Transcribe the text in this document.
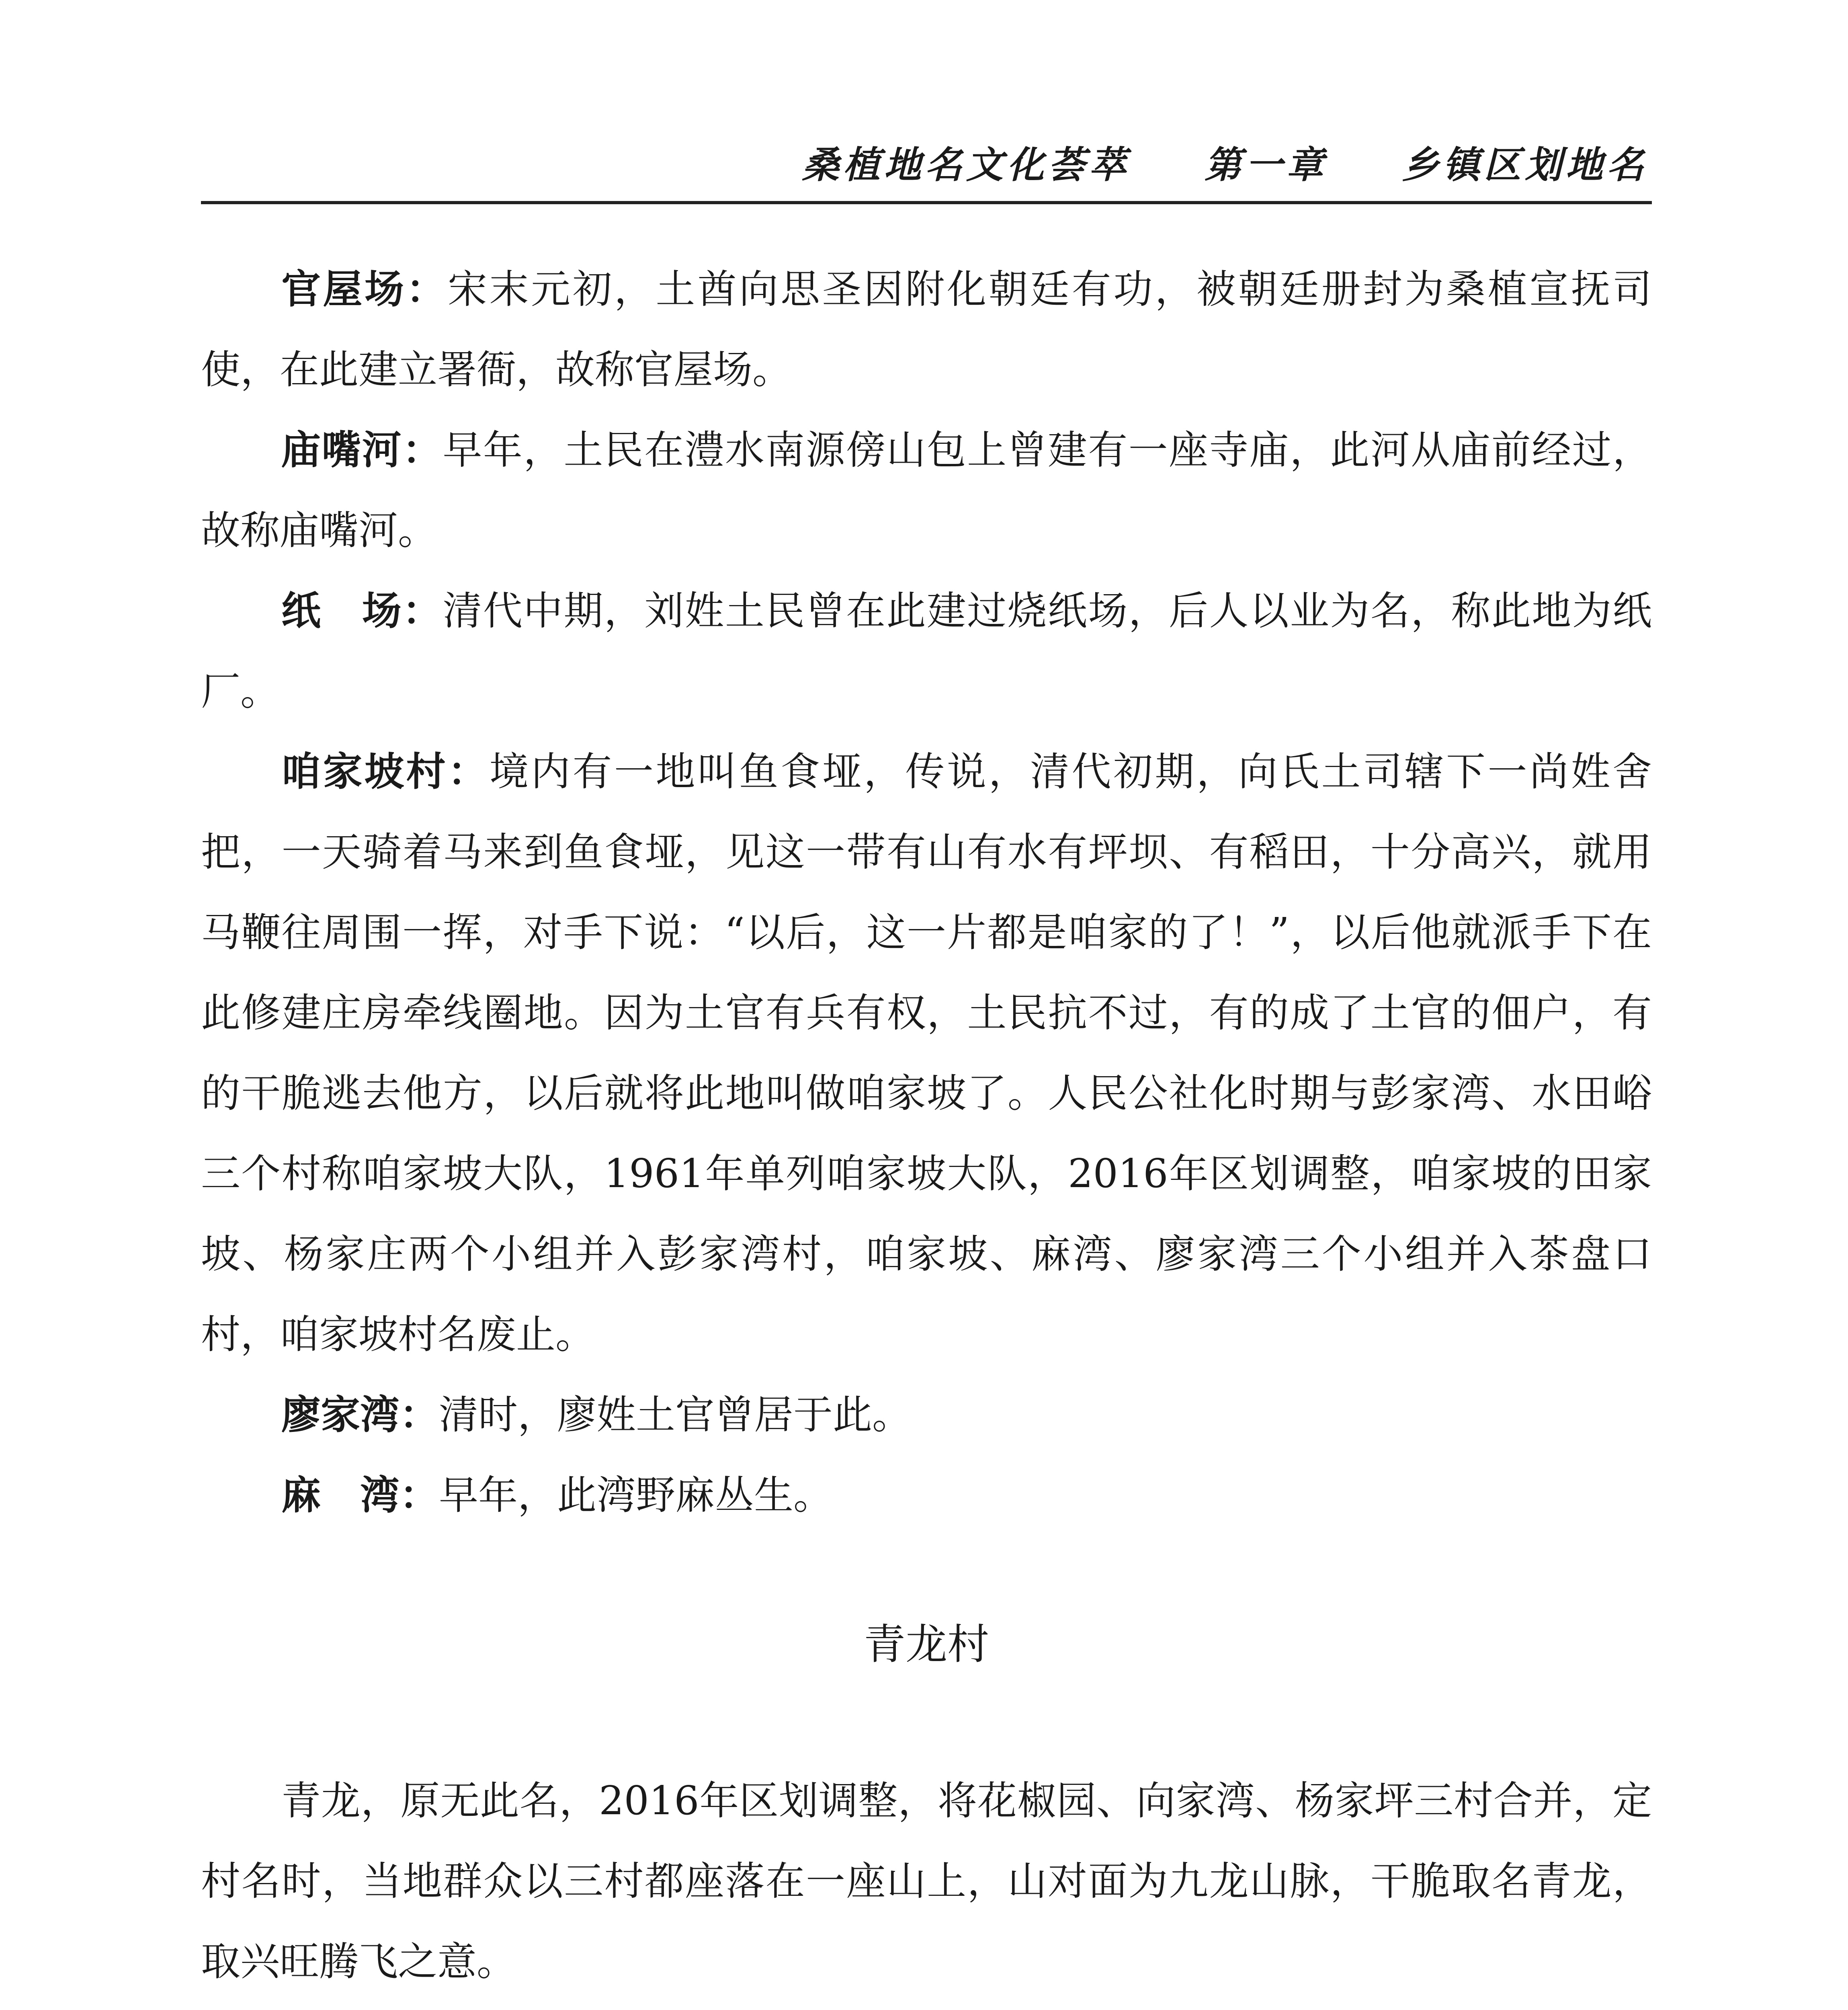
桑植地名文化荟萃 第一章 乡镇区划地名

官屋场：宋末元初，土酋向思圣因附化朝廷有功，被朝廷册封为桑植宣抚司使，在此建立署衙，故称官屋场。

庙嘴河：早年，土民在澧水南源傍山包上曾建有一座寺庙，此河从庙前经过，故称庙嘴河。

纸　场：清代中期，刘姓土民曾在此建过烧纸场，后人以业为名，称此地为纸厂。

咱家坡村：境内有一地叫鱼食垭，传说，清代初期，向氏土司辖下一尚姓舍把，一天骑着马来到鱼食垭，见这一带有山有水有坪坝、有稻田，十分高兴，就用马鞭往周围一挥，对手下说：“以后，这一片都是咱家的了！”，以后他就派手下在此修建庄房牵线圈地。因为土官有兵有权，土民抗不过，有的成了土官的佃户，有的干脆逃去他方，以后就将此地叫做咱家坡了。人民公社化时期与彭家湾、水田峪三个村称咱家坡大队，1961年单列咱家坡大队，2016年区划调整，咱家坡的田家坡、杨家庄两个小组并入彭家湾村，咱家坡、麻湾、廖家湾三个小组并入茶盘口村，咱家坡村名废止。

廖家湾：清时，廖姓土官曾居于此。

麻　湾：早年，此湾野麻丛生。

青龙村

青龙，原无此名，2016年区划调整，将花椒园、向家湾、杨家坪三村合并，定村名时，当地群众以三村都座落在一座山上，山对面为九龙山脉，干脆取名青龙，取兴旺腾飞之意。
